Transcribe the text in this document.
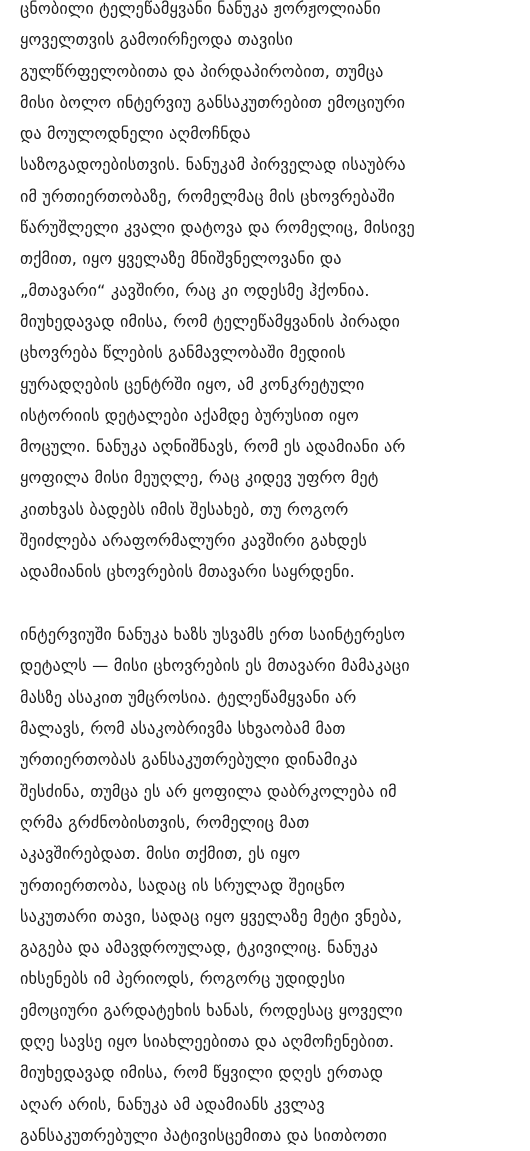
ცნობილი ტელეწამყვანი ნანუკა ჟორჟოლიანი
ყოველთვის გამოირჩეოდა თავისი
გულწრფელობითა და პირდაპირობით, თუმცა
მისი ბოლო ინტერვიუ განსაკუთრებით ემოციური
და მოულოდნელი აღმოჩნდა
საზოგადოებისთვის. ნანუკამ პირველად ისაუბრა
იმ ურთიერთობაზე, რომელმაც მის ცხოვრებაში
წარუშლელი კვალი დატოვა და რომელიც, მისივე
თქმით, იყო ყველაზე მნიშვნელოვანი და
„მთავარი“ კავშირი, რაც კი ოდესმე ჰქონია.
მიუხედავად იმისა, რომ ტელეწამყვანის პირადი
ცხოვრება წლების განმავლობაში მედიის
ყურადღების ცენტრში იყო, ამ კონკრეტული
ისტორიის დეტალები აქამდე ბურუსით იყო
მოცული. ნანუკა აღნიშნავს, რომ ეს ადამიანი არ
ყოფილა მისი მეუღლე, რაც კიდევ უფრო მეტ
კითხვას ბადებს იმის შესახებ, თუ როგორ
შეიძლება არაფორმალური კავშირი გახდეს
ადამიანის ცხოვრების მთავარი საყრდენი.
ინტერვიუში ნანუკა ხაზს უსვამს ერთ საინტერესო
დეტალს — მისი ცხოვრების ეს მთავარი მამაკაცი
მასზე ასაკით უმცროსია. ტელეწამყვანი არ
მალავს, რომ ასაკობრივმა სხვაობამ მათ
ურთიერთობას განსაკუთრებული დინამიკა
შესძინა, თუმცა ეს არ ყოფილა დაბრკოლება იმ
ღრმა გრძნობისთვის, რომელიც მათ
აკავშირებდათ. მისი თქმით, ეს იყო
ურთიერთობა, სადაც ის სრულად შეიცნო
საკუთარი თავი, სადაც იყო ყველაზე მეტი ვნება,
გაგება და ამავდროულად, ტკივილიც. ნანუკა
იხსენებს იმ პერიოდს, როგორც უდიდესი
ემოციური გარდატეხის ხანას, როდესაც ყოველი
დღე სავსე იყო სიახლეებითა და აღმოჩენებით.
მიუხედავად იმისა, რომ წყვილი დღეს ერთად
აღარ არის, ნანუკა ამ ადამიანს კვლავ
განსაკუთრებული პატივისცემითა და სითბოთი
